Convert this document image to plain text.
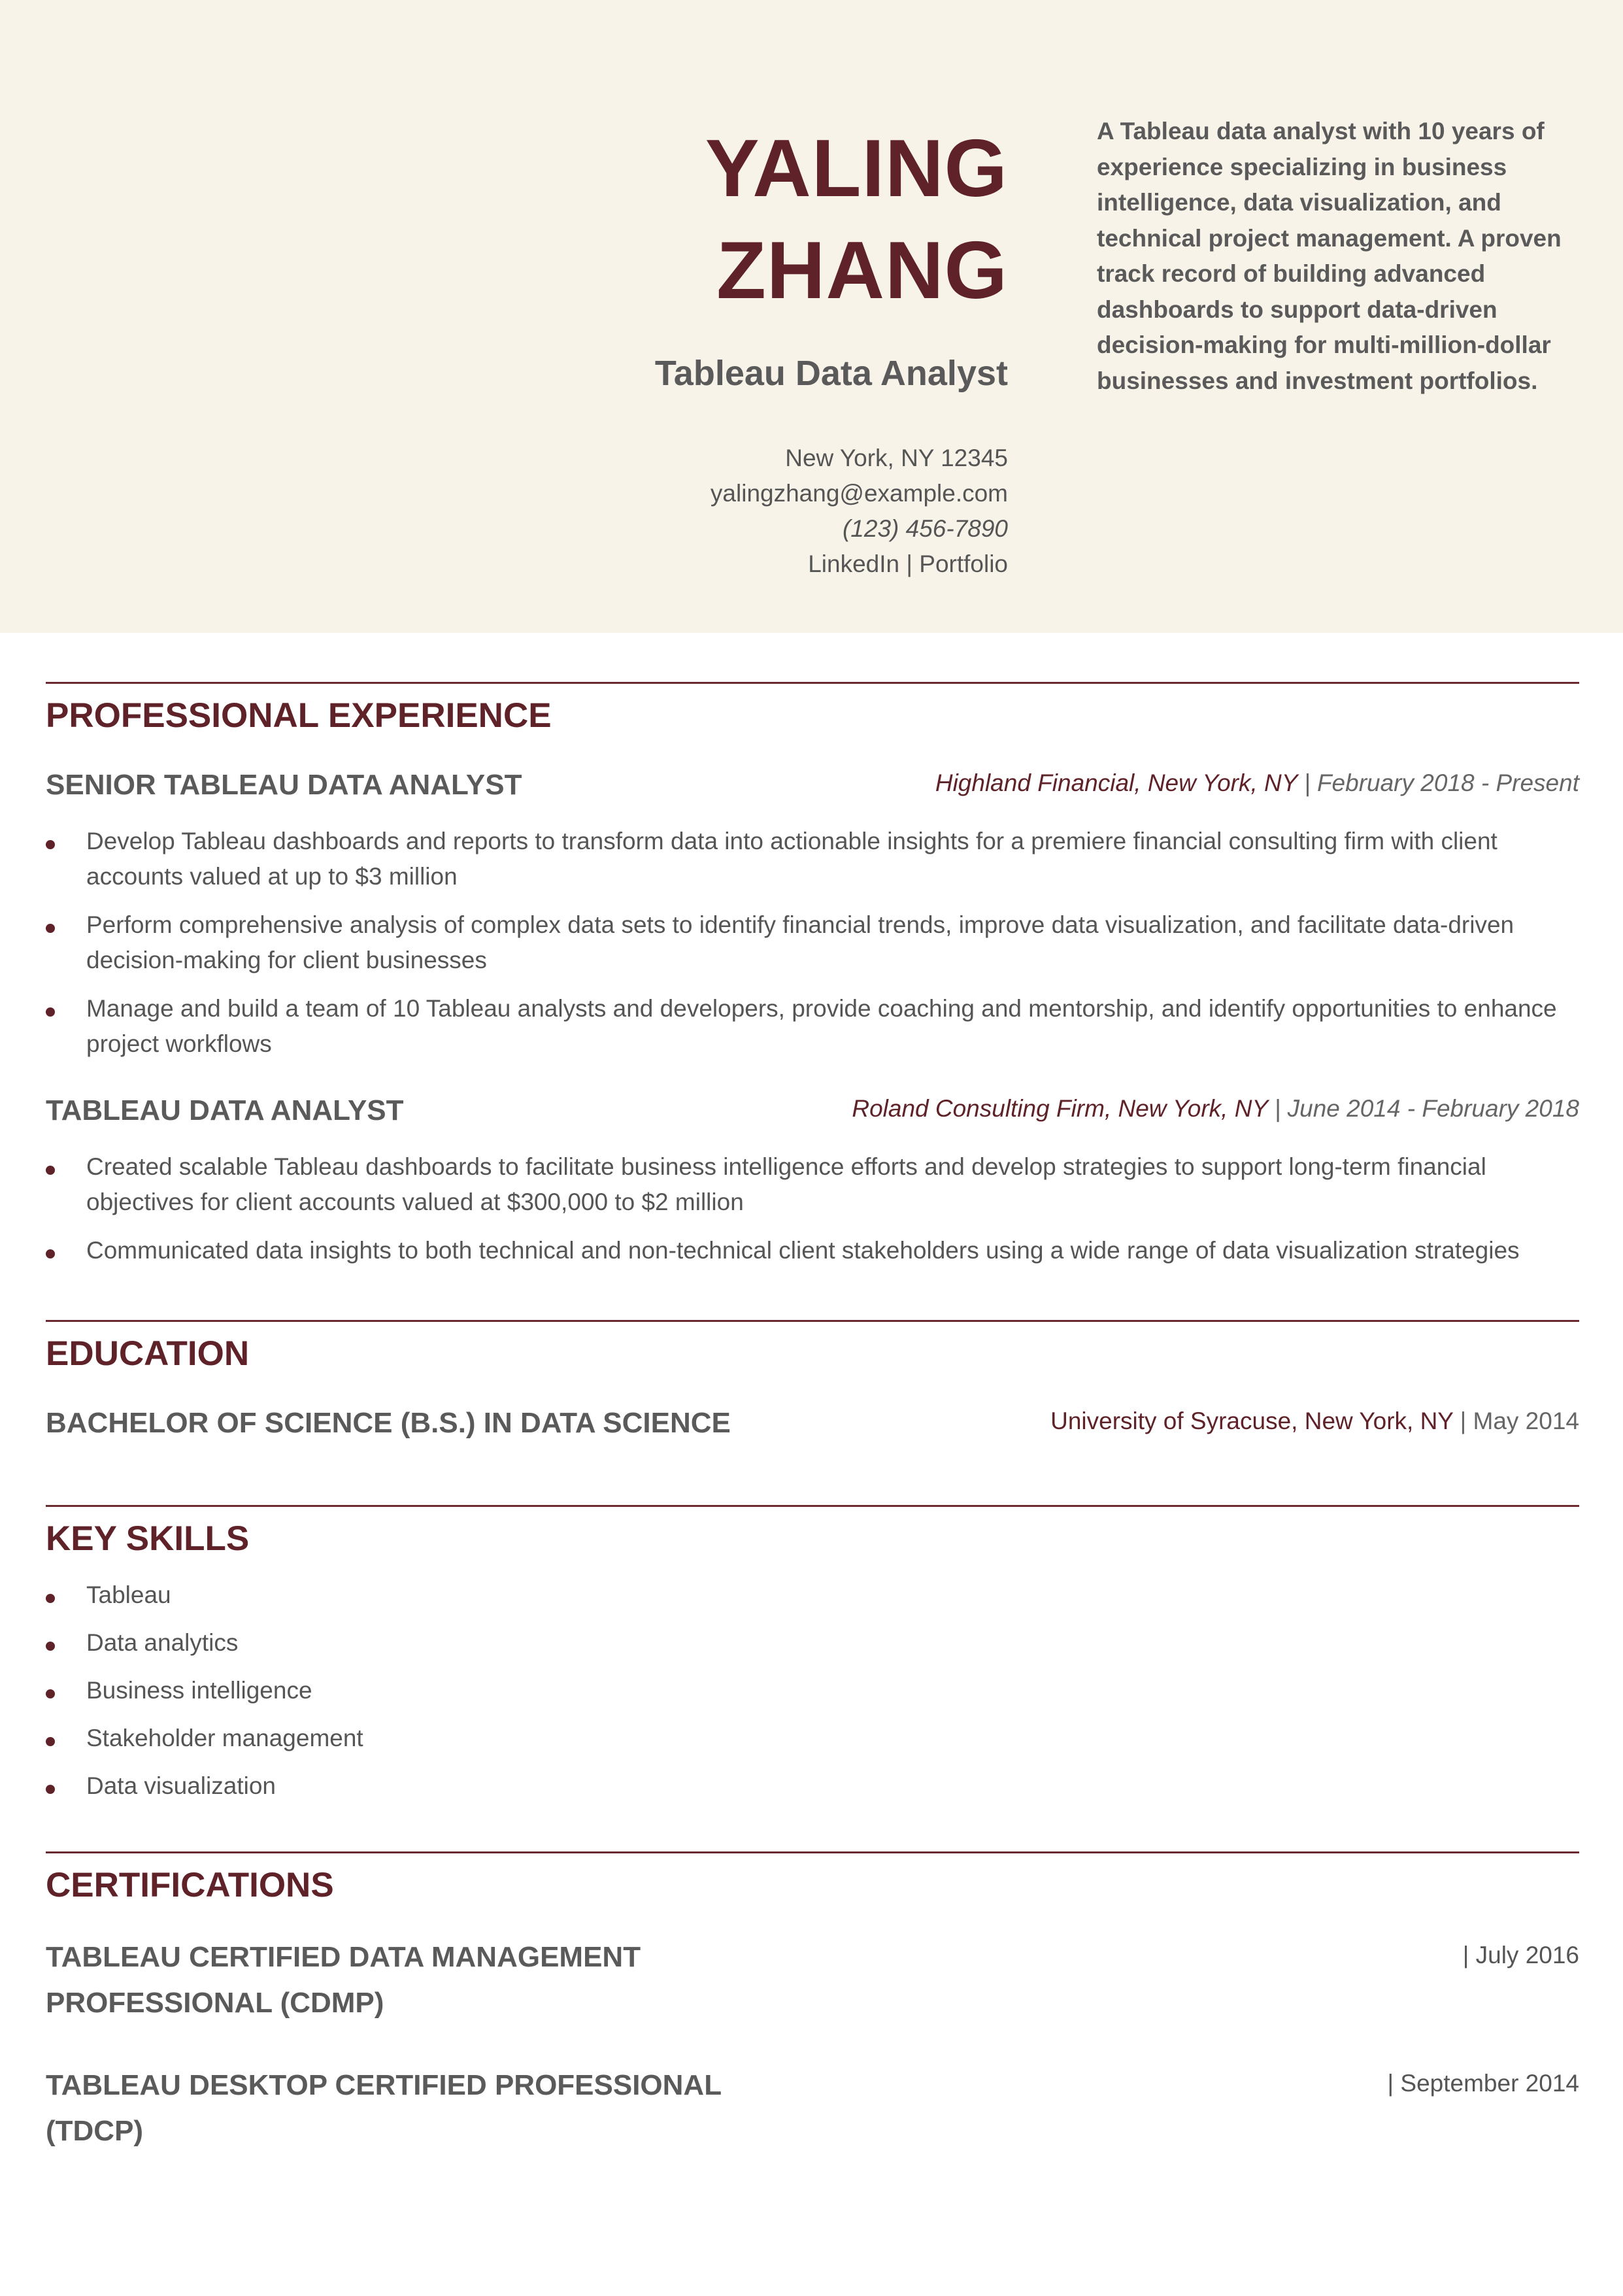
YALING
ZHANG
Tableau Data Analyst
New York, NY 12345
yalingzhang@example.com
(123) 456-7890
LinkedIn | Portfolio
A Tableau data analyst with 10 years of experience specializing in business intelligence, data visualization, and technical project management. A proven track record of building advanced dashboards to support data-driven decision-making for multi-million-dollar businesses and investment portfolios.
PROFESSIONAL EXPERIENCE
SENIOR TABLEAU DATA ANALYST	Highland Financial, New York, NY | February 2018 - Present
Develop Tableau dashboards and reports to transform data into actionable insights for a premiere financial consulting firm with client accounts valued at up to $3 million
Perform comprehensive analysis of complex data sets to identify financial trends, improve data visualization, and facilitate data-driven decision-making for client businesses
Manage and build a team of 10 Tableau analysts and developers, provide coaching and mentorship, and identify opportunities to enhance project workflows
TABLEAU DATA ANALYST	Roland Consulting Firm, New York, NY | June 2014 - February 2018
Created scalable Tableau dashboards to facilitate business intelligence efforts and develop strategies to support long-term financial objectives for client accounts valued at $300,000 to $2 million
Communicated data insights to both technical and non-technical client stakeholders using a wide range of data visualization strategies
EDUCATION
BACHELOR OF SCIENCE (B.S.) IN DATA SCIENCE	University of Syracuse, New York, NY | May 2014
KEY SKILLS
Tableau
Data analytics
Business intelligence
Stakeholder management
Data visualization
CERTIFICATIONS
TABLEAU CERTIFIED DATA MANAGEMENT PROFESSIONAL (CDMP)
| July 2016
TABLEAU DESKTOP CERTIFIED PROFESSIONAL (TDCP)
| September 2014
